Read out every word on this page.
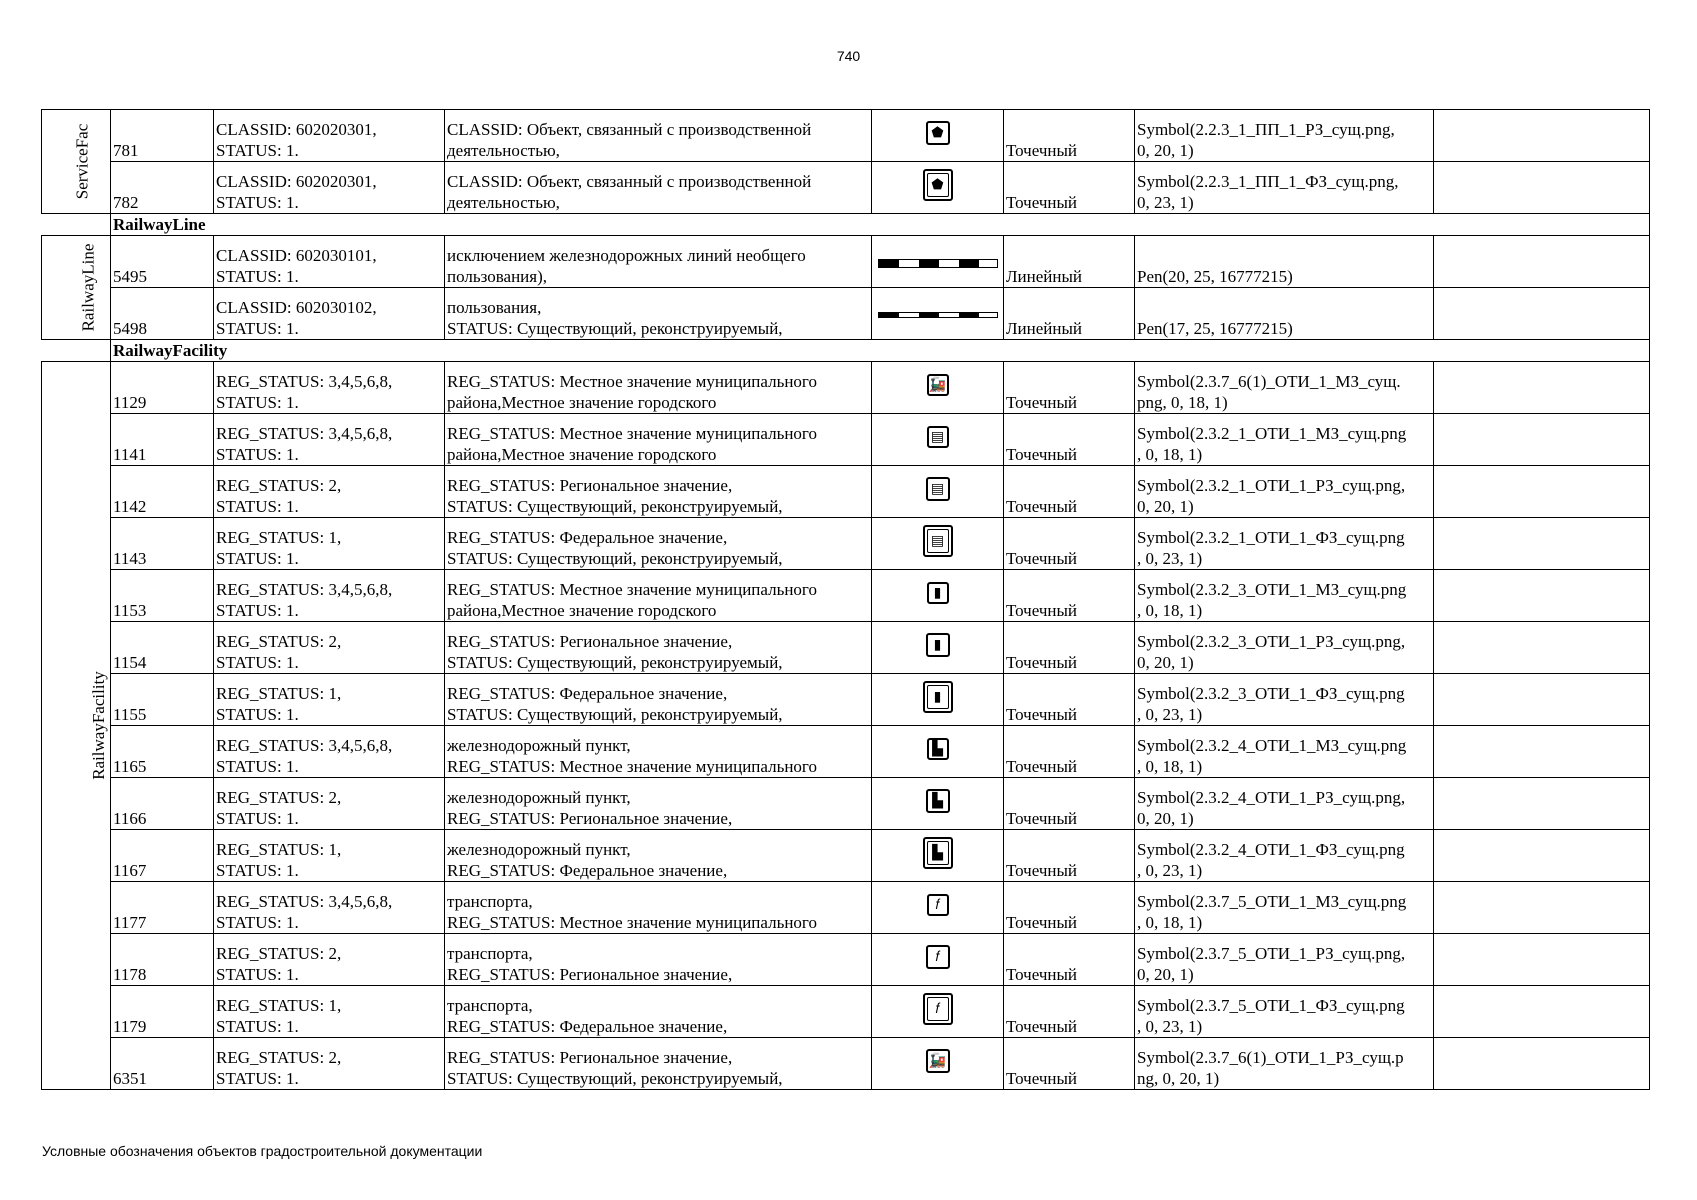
740
ServiceFac	781	CLASSID: 602020301,
STATUS: 1.	CLASSID: Объект, связанный с производственной
деятельностью,	⬟	Точечный	Symbol(2.2.3_1_ПП_1_РЗ_сущ.png,
0, 20, 1)	

	782	CLASSID: 602020301,
STATUS: 1.	CLASSID: Объект, связанный с производственной
деятельностью,	⬟	Точечный	Symbol(2.2.3_1_ПП_1_ФЗ_сущ.png,
0, 23, 1)	

	RailwayLine						
RailwayLine	5495	CLASSID: 602030101,
STATUS: 1.	исключением железнодорожных линий необщего
пользования),		Линейный	Pen(20, 25, 16777215)	

	5498	CLASSID: 602030102,
STATUS: 1.	пользования,
STATUS: Существующий, реконструируемый,		Линейный	Pen(17, 25, 16777215)	

	RailwayFacility						
RailwayFacility	1129	REG_STATUS: 3,4,5,6,8,
STATUS: 1.	REG_STATUS: Местное значение муниципального
района,Местное значение городского	🚂	Точечный	Symbol(2.3.7_6(1)_ОТИ_1_МЗ_сущ.
png, 0, 18, 1)	

	1141	REG_STATUS: 3,4,5,6,8,
STATUS: 1.	REG_STATUS: Местное значение муниципального
района,Местное значение городского	▤	Точечный	Symbol(2.3.2_1_ОТИ_1_МЗ_сущ.png
, 0, 18, 1)	

	1142	REG_STATUS: 2,
STATUS: 1.	REG_STATUS: Региональное значение,
STATUS: Существующий, реконструируемый,	▤	Точечный	Symbol(2.3.2_1_ОТИ_1_РЗ_сущ.png,
0, 20, 1)	

	1143	REG_STATUS: 1,
STATUS: 1.	REG_STATUS: Федеральное значение,
STATUS: Существующий, реконструируемый,	▤	Точечный	Symbol(2.3.2_1_ОТИ_1_ФЗ_сущ.png
, 0, 23, 1)	

	1153	REG_STATUS: 3,4,5,6,8,
STATUS: 1.	REG_STATUS: Местное значение муниципального
района,Местное значение городского	▮	Точечный	Symbol(2.3.2_3_ОТИ_1_МЗ_сущ.png
, 0, 18, 1)	

	1154	REG_STATUS: 2,
STATUS: 1.	REG_STATUS: Региональное значение,
STATUS: Существующий, реконструируемый,	▮	Точечный	Symbol(2.3.2_3_ОТИ_1_РЗ_сущ.png,
0, 20, 1)	

	1155	REG_STATUS: 1,
STATUS: 1.	REG_STATUS: Федеральное значение,
STATUS: Существующий, реконструируемый,	▮	Точечный	Symbol(2.3.2_3_ОТИ_1_ФЗ_сущ.png
, 0, 23, 1)	

	1165	REG_STATUS: 3,4,5,6,8,
STATUS: 1.	железнодорожный пункт,
REG_STATUS: Местное значение муниципального	▙	Точечный	Symbol(2.3.2_4_ОТИ_1_МЗ_сущ.png
, 0, 18, 1)	

	1166	REG_STATUS: 2,
STATUS: 1.	железнодорожный пункт,
REG_STATUS: Региональное значение,	▙	Точечный	Symbol(2.3.2_4_ОТИ_1_РЗ_сущ.png,
0, 20, 1)	

	1167	REG_STATUS: 1,
STATUS: 1.	железнодорожный пункт,
REG_STATUS: Федеральное значение,	▙	Точечный	Symbol(2.3.2_4_ОТИ_1_ФЗ_сущ.png
, 0, 23, 1)	

	1177	REG_STATUS: 3,4,5,6,8,
STATUS: 1.	транспорта,
REG_STATUS: Местное значение муниципального	𝑓	Точечный	Symbol(2.3.7_5_ОТИ_1_МЗ_сущ.png
, 0, 18, 1)	

	1178	REG_STATUS: 2,
STATUS: 1.	транспорта,
REG_STATUS: Региональное значение,	𝑓	Точечный	Symbol(2.3.7_5_ОТИ_1_РЗ_сущ.png,
0, 20, 1)	

	1179	REG_STATUS: 1,
STATUS: 1.	транспорта,
REG_STATUS: Федеральное значение,	𝑓	Точечный	Symbol(2.3.7_5_ОТИ_1_ФЗ_сущ.png
, 0, 23, 1)	

	6351	REG_STATUS: 2,
STATUS: 1.	REG_STATUS: Региональное значение,
STATUS: Существующий, реконструируемый,	🚂	Точечный	Symbol(2.3.7_6(1)_ОТИ_1_РЗ_сущ.p
ng, 0, 20, 1)	

Условные обозначения объектов градостроительной документации
